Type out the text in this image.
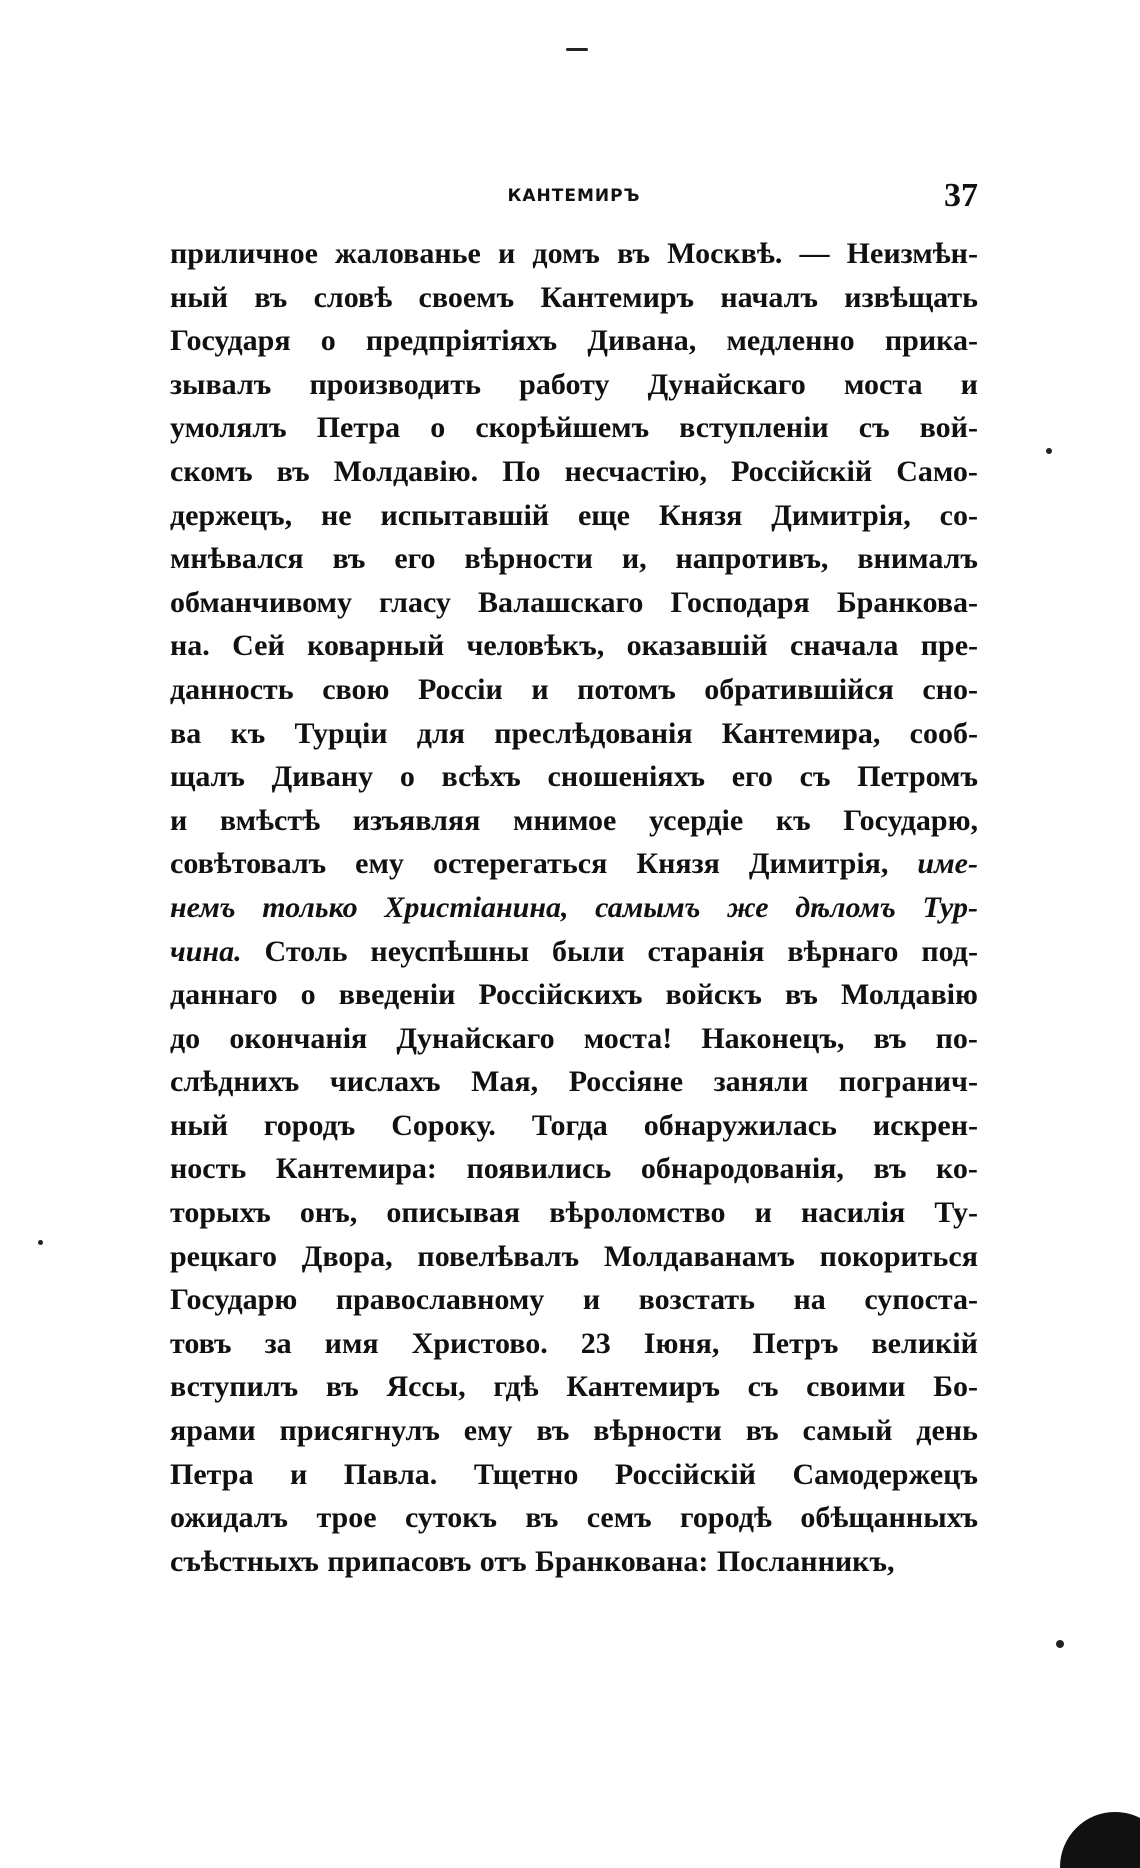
КАНТЕМИРЪ	37
приличное жалованье и домъ въ Москвѣ. — Неизмѣн-
ный въ словѣ своемъ Кантемиръ началъ извѣщать
Государя о предпріятіяхъ Дивана, медленно прика-
зывалъ производить работу Дунайскаго моста и
умолялъ Петра о скорѣйшемъ вступленіи съ вой-
скомъ въ Молдавію. По несчастію, Россійскій Само-
держецъ, не испытавшій еще Князя Димитрія, со-
мнѣвался въ его вѣрности и, напротивъ, внималъ
обманчивому гласу Валашскаго Господаря Бранкова-
на. Сей коварный человѣкъ, оказавшій сначала пре-
данность свою Россіи и потомъ обратившійся сно-
ва къ Турціи для преслѣдованія Кантемира, сооб-
щалъ Дивану о всѣхъ сношеніяхъ его съ Петромъ
и вмѣстѣ изъявляя мнимое усердіе къ Государю,
совѣтовалъ ему остерегаться Князя Димитрія, име-
немъ только Христіанина, самымъ же дѣломъ Тур-
чина. Столь неуспѣшны были старанія вѣрнаго под-
даннаго о введеніи Россійскихъ войскъ въ Молдавію
до окончанія Дунайскаго моста! Наконецъ, въ по-
слѣднихъ числахъ Мая, Россіяне заняли погранич-
ный городъ Сороку. Тогда обнаружилась искрен-
ность Кантемира: появились обнародованія, въ ко-
торыхъ онъ, описывая вѣроломство и насилія Ту-
рецкаго Двора, повелѣвалъ Молдаванамъ покориться
Государю православному и возстать на супоста-
товъ за имя Христово. 23 Іюня, Петръ великій
вступилъ въ Яссы, гдѣ Кантемиръ съ своими Бо-
ярами присягнулъ ему въ вѣрности въ самый день
Петра и Павла. Тщетно Россійскій Самодержецъ
ожидалъ трое сутокъ въ семъ городѣ обѣщанныхъ
съѣстныхъ припасовъ отъ Бранкована: Посланникъ,
